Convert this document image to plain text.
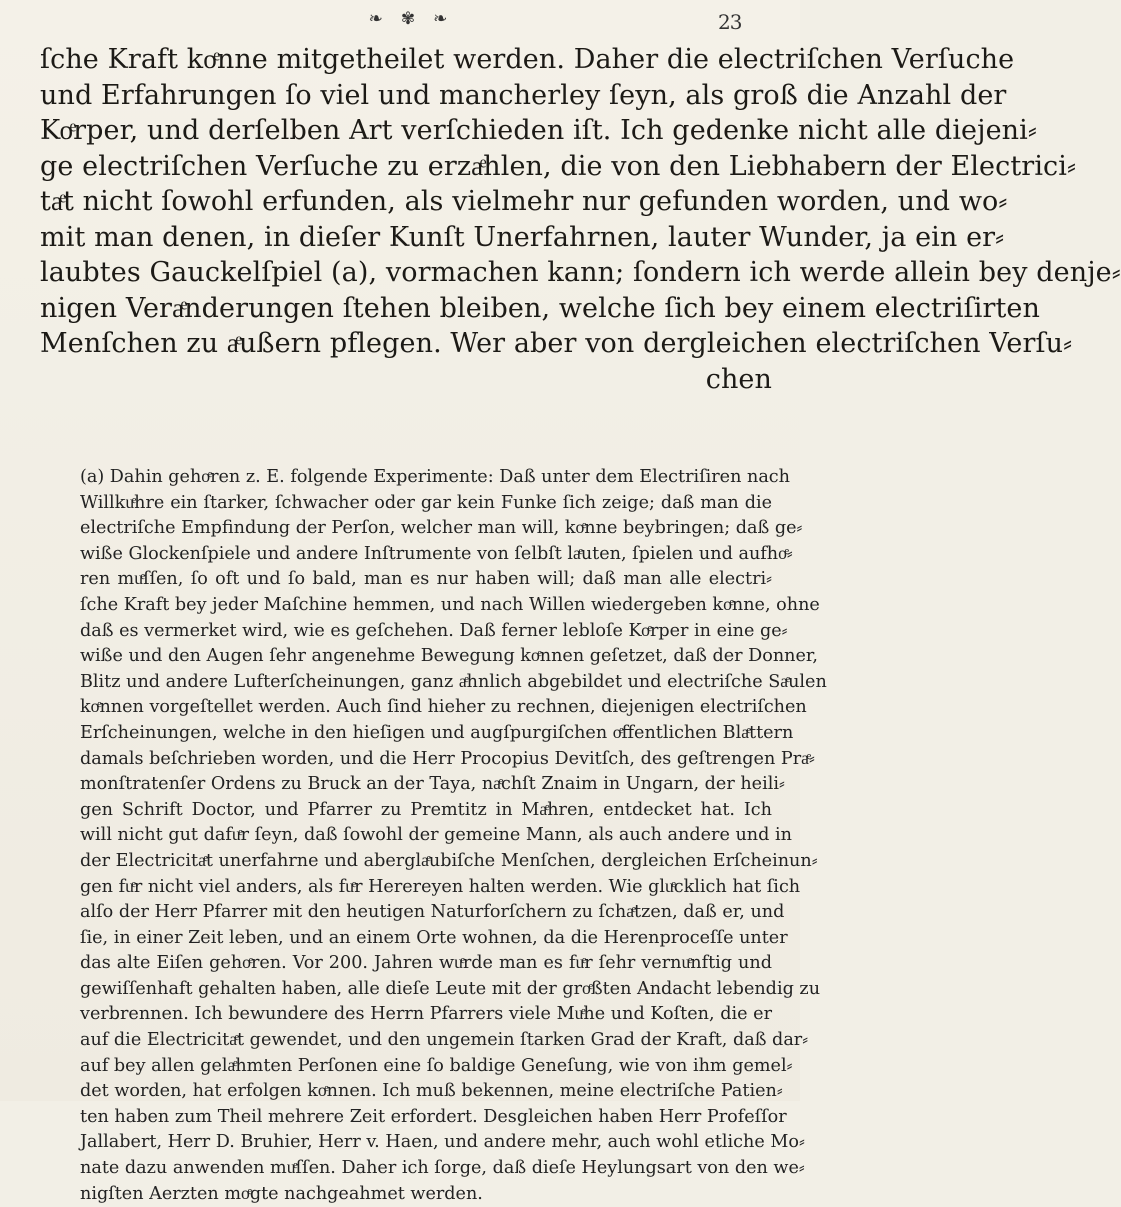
❧ ✾ ❧	23
ſche Kraft koͤnne mitgetheilet werden. Daher die electriſchen Verſuche
und Erfahrungen ſo viel und mancherley ſeyn, als groß die Anzahl der
Koͤrper, und derſelben Art verſchieden iſt. Ich gedenke nicht alle diejeni⸗
ge electriſchen Verſuche zu erzaͤhlen, die von den Liebhabern der Electrici⸗
taͤt nicht ſowohl erfunden, als vielmehr nur gefunden worden, und wo⸗
mit man denen, in dieſer Kunſt Unerfahrnen, lauter Wunder, ja ein er⸗
laubtes Gauckelſpiel (a), vormachen kann; ſondern ich werde allein bey denje⸗
nigen Veraͤnderungen ſtehen bleiben, welche ſich bey einem electriſirten
Menſchen zu aͤußern pflegen. Wer aber von dergleichen electriſchen Verſu⸗
chen
(a) Dahin gehoͤren z. E. folgende Experimente: Daß unter dem Electriſiren nach
Willkuͤhre ein ſtarker, ſchwacher oder gar kein Funke ſich zeige; daß man die
electriſche Empfindung der Perſon, welcher man will, koͤnne beybringen; daß ge⸗
wiße Glockenſpiele und andere Inſtrumente von ſelbſt laͤuten, ſpielen und aufhoͤ⸗
ren muͤſſen, ſo oft und ſo bald, man es nur haben will; daß man alle electri⸗
ſche Kraft bey jeder Maſchine hemmen, und nach Willen wiedergeben koͤnne, ohne
daß es vermerket wird, wie es geſchehen. Daß ferner lebloſe Koͤrper in eine ge⸗
wiße und den Augen ſehr angenehme Bewegung koͤnnen geſetzet, daß der Donner,
Blitz und andere Lufterſcheinungen, ganz aͤhnlich abgebildet und electriſche Saͤulen
koͤnnen vorgeſtellet werden. Auch ſind hieher zu rechnen, diejenigen electriſchen
Erſcheinungen, welche in den hieſigen und augſpurgiſchen oͤffentlichen Blaͤttern
damals beſchrieben worden, und die Herr Procopius Devitſch, des geſtrengen Praͤ⸗
monſtratenſer Ordens zu Bruck an der Taya, naͤchſt Znaim in Ungarn, der heili⸗
gen Schrift Doctor, und Pfarrer zu Premtitz in Maͤhren, entdecket hat. Ich
will nicht gut dafuͤr ſeyn, daß ſowohl der gemeine Mann, als auch andere und in
der Electricitaͤt unerfahrne und aberglaͤubiſche Menſchen, dergleichen Erſcheinun⸗
gen fuͤr nicht viel anders, als fuͤr Herereyen halten werden. Wie gluͤcklich hat ſich
alſo der Herr Pfarrer mit den heutigen Naturforſchern zu ſchaͤtzen, daß er, und
ſie, in einer Zeit leben, und an einem Orte wohnen, da die Herenproceſſe unter
das alte Eiſen gehoͤren. Vor 200. Jahren wuͤrde man es fuͤr ſehr vernuͤnftig und
gewiſſenhaft gehalten haben, alle dieſe Leute mit der groͤßten Andacht lebendig zu
verbrennen. Ich bewundere des Herrn Pfarrers viele Muͤhe und Koſten, die er
auf die Electricitaͤt gewendet, und den ungemein ſtarken Grad der Kraft, daß dar⸗
auf bey allen gelaͤhmten Perſonen eine ſo baldige Geneſung, wie von ihm gemel⸗
det worden, hat erfolgen koͤnnen. Ich muß bekennen, meine electriſche Patien⸗
ten haben zum Theil mehrere Zeit erfordert. Desgleichen haben Herr Profeſſor
Jallabert, Herr D. Bruhier, Herr v. Haen, und andere mehr, auch wohl etliche Mo⸗
nate dazu anwenden muͤſſen. Daher ich ſorge, daß dieſe Heylungsart von den we⸗
nigſten Aerzten moͤgte nachgeahmet werden.
